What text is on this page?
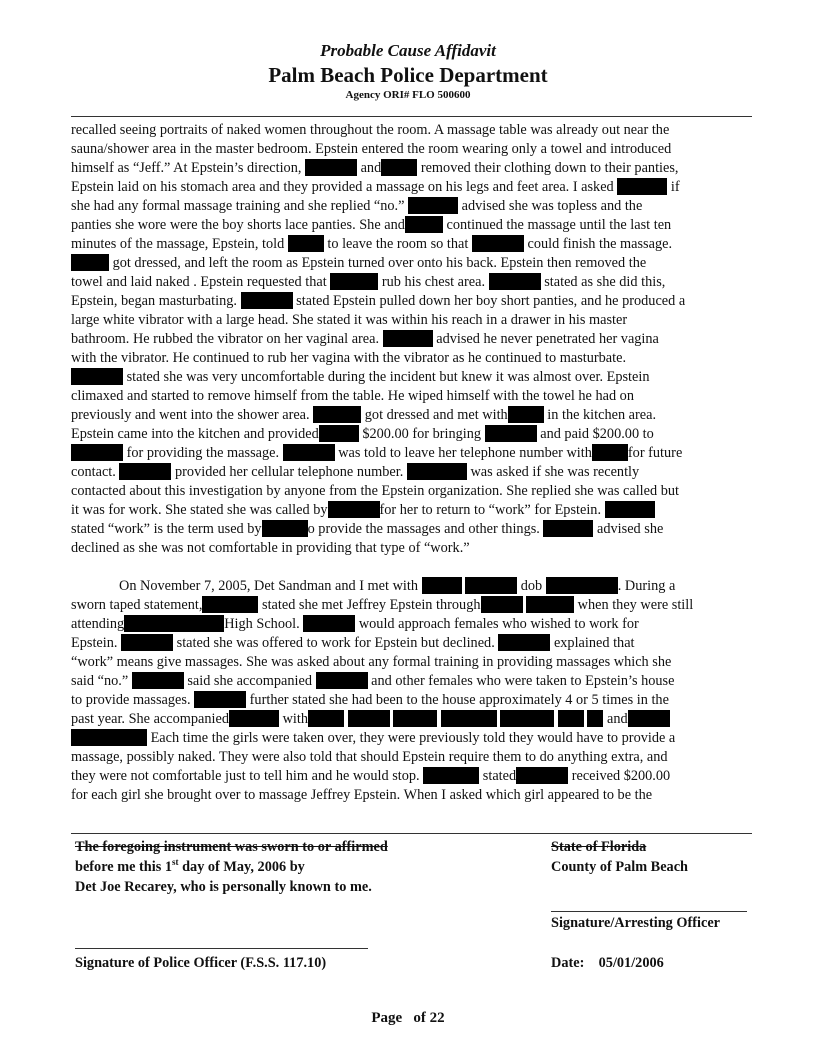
Probable Cause Affidavit
Palm Beach Police Department
Agency ORI# FLO 500600
recalled seeing portraits of naked women throughout the room. A massage table was already out near the
sauna/shower area in the master bedroom. Epstein entered the room wearing only a towel and introduced
himself as “Jeff.” At Epstein’s direction,	and	removed their clothing down to their panties,
Epstein laid on his stomach area and they provided a massage on his legs and feet area. I asked	if
she had any formal massage training and she replied “no.”	advised she was topless and the
panties she wore were the boy shorts lace panties. She and	continued the massage until the last ten
minutes of the massage, Epstein, told	to leave the room so that	could finish the massage.
got dressed, and left the room as Epstein turned over onto his back. Epstein then removed the
towel and laid naked . Epstein requested that	rub his chest area.	stated as she did this,
Epstein, began masturbating.	stated Epstein pulled down her boy short panties, and he produced a
large white vibrator with a large head. She stated it was within his reach in a drawer in his master
bathroom. He rubbed the vibrator on her vaginal area.	advised he never penetrated her vagina
with the vibrator. He continued to rub her vagina with the vibrator as he continued to masturbate.
stated she was very uncomfortable during the incident but knew it was almost over. Epstein
climaxed and started to remove himself from the table. He wiped himself with the towel he had on
previously and went into the shower area.	got dressed and met with	in the kitchen area.
Epstein came into the kitchen and provided	$200.00 for bringing	and paid $200.00 to
for providing the massage.	was told to leave her telephone number with	for future
contact.	provided her cellular telephone number.	was asked if she was recently
contacted about this investigation by anyone from the Epstein organization. She replied she was called but
it was for work. She stated she was called by	for her to return to “work” for Epstein.
stated “work” is the term used by	o provide the massages and other things.	advised she
declined as she was not comfortable in providing that type of “work.”
On November 7, 2005, Det Sandman and I met with	dob	. During a
sworn taped statement,	stated she met Jeffrey Epstein through	when they were still
attending	High School.	would approach females who wished to work for
Epstein.	stated she was offered to work for Epstein but declined.	explained that
“work” means give massages. She was asked about any formal training in providing massages which she
said “no.”	said she accompanied	and other females who were taken to Epstein’s house
to provide massages.	further stated she had been to the house approximately 4 or 5 times in the
past year. She accompanied	with	and
Each time the girls were taken over, they were previously told they would have to provide a
massage, possibly naked. They were also told that should Epstein require them to do anything extra, and
they were not comfortable just to tell him and he would stop.	stated	received $200.00
for each girl she brought over to massage Jeffrey Epstein. When I asked which girl appeared to be the
The foregoing instrument was sworn to or affirmed
before me this 1st day of May, 2006 by
Det Joe Recarey, who is personally known to me.
State of Florida
County of Palm Beach
Signature/Arresting Officer
Signature of Police Officer (F.S.S. 117.10)	Date: 05/01/2006
Page of 22
